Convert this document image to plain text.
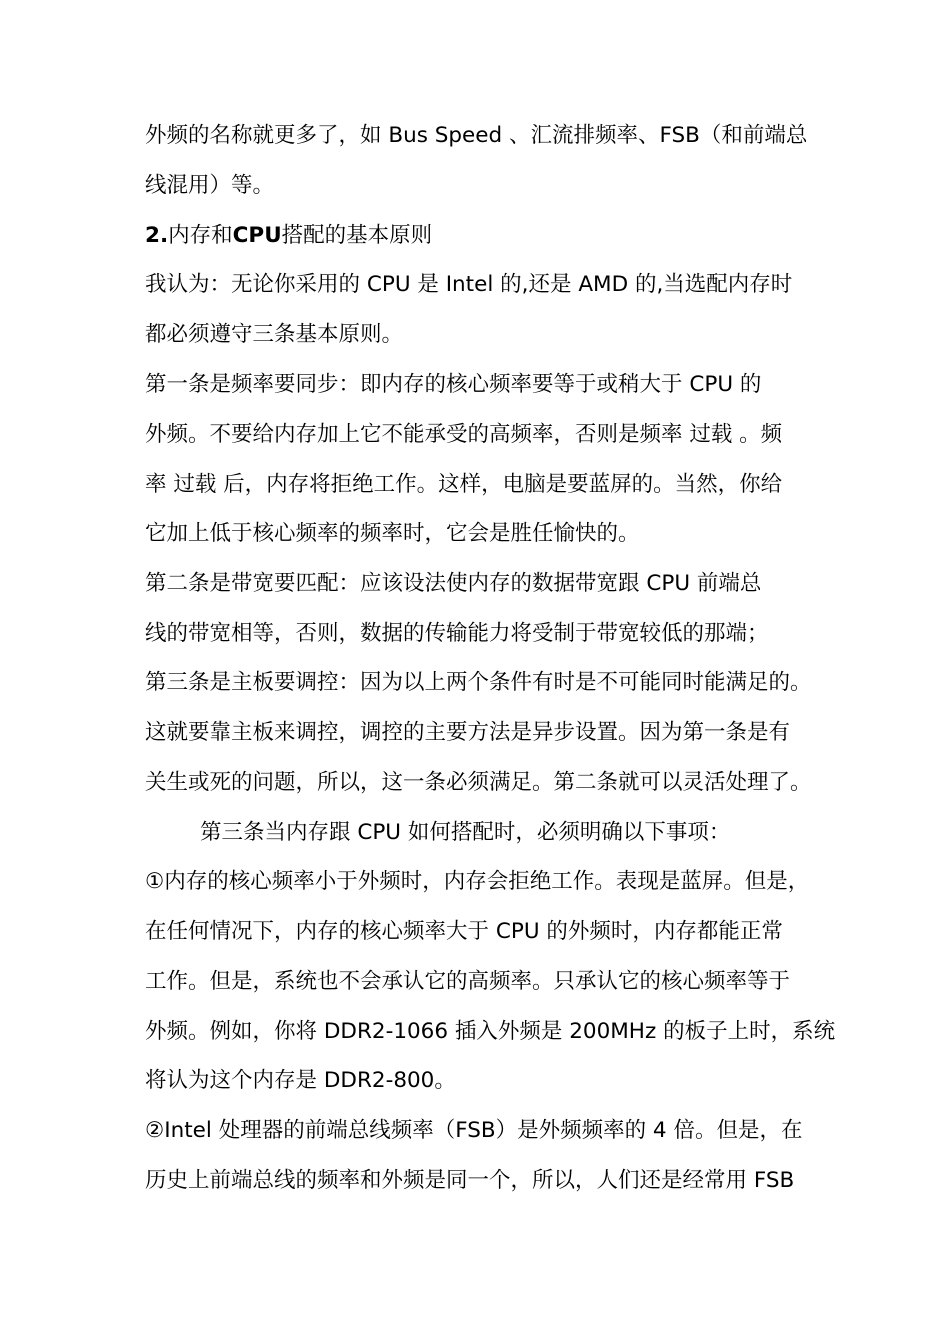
外频的名称就更多了，如 Bus Speed 、汇流排频率、FSB（和前端总
线混用）等。
2.内存和CPU搭配的基本原则
我认为：无论你采用的 CPU 是 Intel 的,还是 AMD 的,当选配内存时
都必须遵守三条基本原则。
第一条是频率要同步：即内存的核心频率要等于或稍大于 CPU 的
外频。不要给内存加上它不能承受的高频率，否则是频率 过载 。频
率 过载 后，内存将拒绝工作。这样，电脑是要蓝屏的。当然，你给
它加上低于核心频率的频率时，它会是胜任愉快的。
第二条是带宽要匹配：应该设法使内存的数据带宽跟 CPU 前端总
线的带宽相等，否则，数据的传输能力将受制于带宽较低的那端；
第三条是主板要调控：因为以上两个条件有时是不可能同时能满足的。
这就要靠主板来调控，调控的主要方法是异步设置。因为第一条是有
关生或死的问题，所以，这一条必须满足。第二条就可以灵活处理了。
第三条当内存跟 CPU 如何搭配时，必须明确以下事项：
①内存的核心频率小于外频时，内存会拒绝工作。表现是蓝屏。但是，
在任何情况下，内存的核心频率大于 CPU 的外频时，内存都能正常
工作。但是，系统也不会承认它的高频率。只承认它的核心频率等于
外频。例如，你将 DDR2-1066 插入外频是 200MHz 的板子上时，系统
将认为这个内存是 DDR2-800。
②Intel 处理器的前端总线频率（FSB）是外频频率的 4 倍。但是，在
历史上前端总线的频率和外频是同一个，所以，人们还是经常用 FSB
